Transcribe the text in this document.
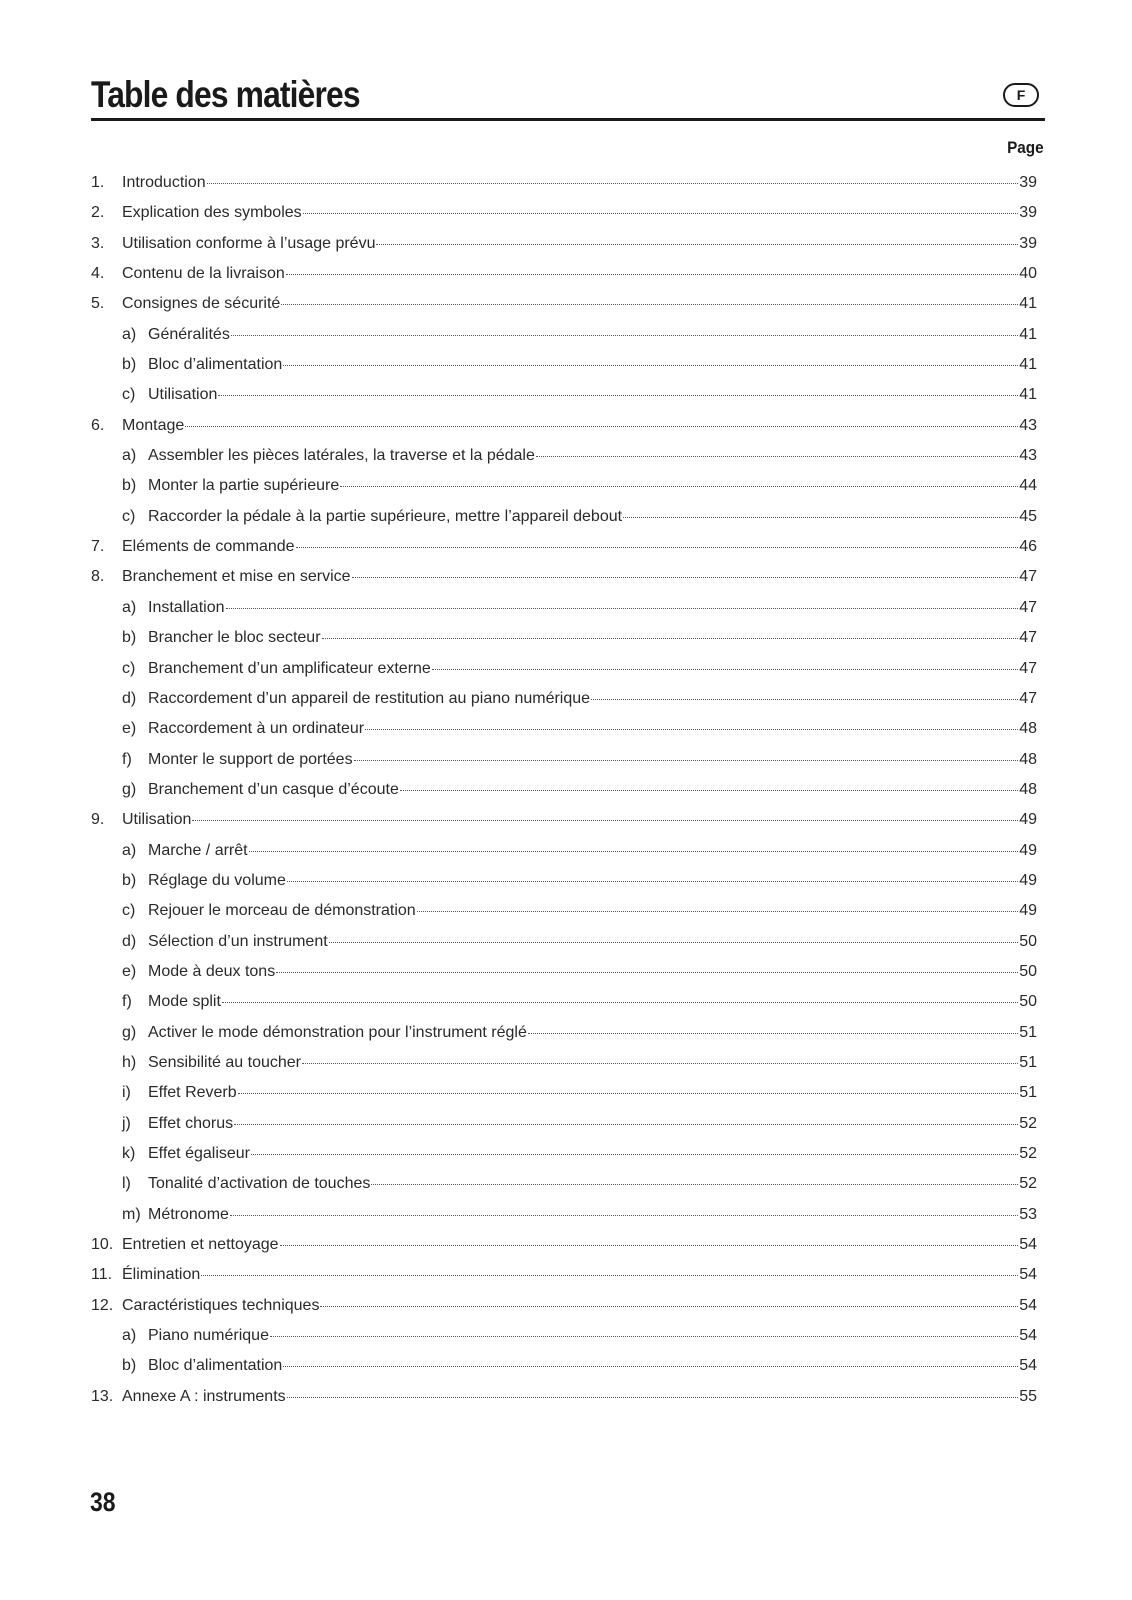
Table des matières	F
Page
1.	Introduction	39
2.	Explication des symboles	39
3.	Utilisation conforme à l’usage prévu	39
4.	Contenu de la livraison	40
5.	Consignes de sécurité	41
a) Généralités	41
b) Bloc d’alimentation	41
c) Utilisation	41
6.	Montage	43
a) Assembler les pièces latérales, la traverse et la pédale	43
b) Monter la partie supérieure	44
c) Raccorder la pédale à la partie supérieure, mettre l’appareil debout	45
7.	Eléments de commande	46
8.	Branchement et mise en service	47
a) Installation	47
b) Brancher le bloc secteur	47
c) Branchement d’un amplificateur externe	47
d) Raccordement d’un appareil de restitution au piano numérique	47
e) Raccordement à un ordinateur	48
f)	Monter le support de portées	48
g) Branchement d’un casque d’écoute	48
9.	Utilisation	49
a) Marche / arrêt	49
b) Réglage du volume	49
c) Rejouer le morceau de démonstration	49
d) Sélection d’un instrument	50
e) Mode à deux tons	50
f)	Mode split	50
g) Activer le mode démonstration pour l’instrument réglé	51
h) Sensibilité au toucher	51
i)	Effet Reverb	51
j)	Effet chorus	52
k) Effet égaliseur	52
l)	Tonalité d’activation de touches	52
m) Métronome	53
10. Entretien et nettoyage	54
11. Élimination	54
12. Caractéristiques techniques	54
a) Piano numérique	54
b) Bloc d’alimentation	54
13. Annexe A : instruments	55
38
